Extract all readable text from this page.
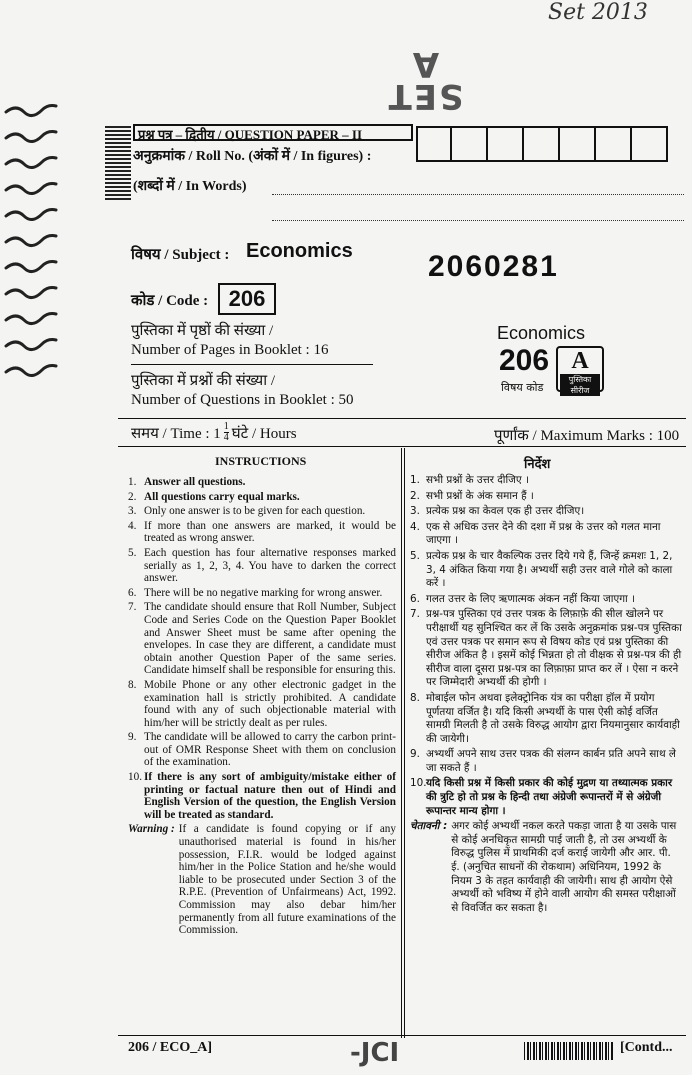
Set 2013
SET A
प्रश्न पत्र – द्वितीय / QUESTION PAPER – II
अनुक्रमांक / Roll No. (अंकों में / In figures) :
(शब्दों में / In Words)
विषय / Subject : Economics	2060281
कोड / Code : 206
पुस्तिका में पृष्ठों की संख्या /
Number of Pages in Booklet : 16
पुस्तिका में प्रश्नों की संख्या /
Number of Questions in Booklet : 50
Economics
206
विषय कोड
A
पुस्तिका सीरीज
समय / Time : $1 \frac{1}{4}$ घंटे / Hours	पूर्णांक / Maximum Marks : 100
INSTRUCTIONS
1. Answer all questions.
2. All questions carry equal marks.
3. Only one answer is to be given for each question.
4. If more than one answers are marked, it would be treated as wrong answer.
5. Each question has four alternative responses marked serially as 1, 2, 3, 4. You have to darken the correct answer.
6. There will be no negative marking for wrong answer.
7. The candidate should ensure that Roll Number, Subject Code and Series Code on the Question Paper Booklet and Answer Sheet must be same after opening the envelopes. In case they are different, a candidate must obtain another Question Paper of the same series. Candidate himself shall be responsible for ensuring this.
8. Mobile Phone or any other electronic gadget in the examination hall is strictly prohibited. A candidate found with any of such objectionable material with him/her will be strictly dealt as per rules.
9. The candidate will be allowed to carry the carbon print-out of OMR Response Sheet with them on conclusion of the examination.
10. If there is any sort of ambiguity/mistake either of printing or factual nature then out of Hindi and English Version of the question, the English Version will be treated as standard.
Warning : If a candidate is found copying or if any unauthorised material is found in his/her possession, F.I.R. would be lodged against him/her in the Police Station and he/she would liable to be prosecuted under Section 3 of the R.P.E. (Prevention of Unfairmeans) Act, 1992. Commission may also debar him/her permanently from all future examinations of the Commission.
निर्देश
1. सभी प्रश्नों के उत्तर दीजिए ।
2. सभी प्रश्नों के अंक समान हैं ।
3. प्रत्येक प्रश्न का केवल एक ही उत्तर दीजिए।
4. एक से अधिक उत्तर देने की दशा में प्रश्न के उत्तर को गलत माना जाएगा ।
5. प्रत्येक प्रश्न के चार वैकल्पिक उत्तर दिये गये हैं, जिन्हें क्रमशः 1, 2, 3, 4 अंकित किया गया है। अभ्यर्थी सही उत्तर वाले गोले को काला करें ।
6. गलत उत्तर के लिए ऋणात्मक अंकन नहीं किया जाएगा ।
7. प्रश्न-पत्र पुस्तिका एवं उत्तर पत्रक के लिफ़ाफ़े की सील खोलने पर परीक्षार्थी यह सुनिश्चित कर लें कि उसके अनुक्रमांक प्रश्न-पत्र पुस्तिका एवं उत्तर पत्रक पर समान रूप से विषय कोड एवं प्रश्न पुस्तिका की सीरीज अंकित है । इसमें कोई भिन्नता हो तो वीक्षक से प्रश्न-पत्र की ही सीरीज वाला दूसरा प्रश्न-पत्र का लिफ़ाफ़ा प्राप्त कर लें । ऐसा न करने पर जिम्मेदारी अभ्यर्थी की होगी ।
8. मोबाईल फोन अथवा इलेक्ट्रोनिक यंत्र का परीक्षा हॉल में प्रयोग पूर्णतया वर्जित है। यदि किसी अभ्यर्थी के पास ऐसी कोई वर्जित सामग्री मिलती है तो उसके विरुद्ध आयोग द्वारा नियमानुसार कार्यवाही की जायेगी।
9. अभ्यर्थी अपने साथ उत्तर पत्रक की संलग्न कार्बन प्रति अपने साथ ले जा सकते हैं ।
10. यदि किसी प्रश्न में किसी प्रकार की कोई मुद्रण या तथ्यात्मक प्रकार की त्रुटि हो तो प्रश्न के हिन्दी तथा अंग्रेजी रूपान्तरों में से अंग्रेजी रूपान्तर मान्य होगा ।
चेतावनी : अगर कोई अभ्यर्थी नकल करते पकड़ा जाता है या उसके पास से कोई अनधिकृत सामग्री पाई जाती है, तो उस अभ्यर्थी के विरुद्ध पुलिस में प्राथमिकी दर्ज कराई जायेगी और आर. पी. ई. (अनुचित साधनों की रोकथाम) अधिनियम, 1992 के नियम 3 के तहत कार्यवाही की जायेगी। साथ ही आयोग ऐसे अभ्यर्थी को भविष्य में होने वाली आयोग की समस्त परीक्षाओं से विवर्जित कर सकता है।
206 / ECO_A]	-JCI	[Contd...
